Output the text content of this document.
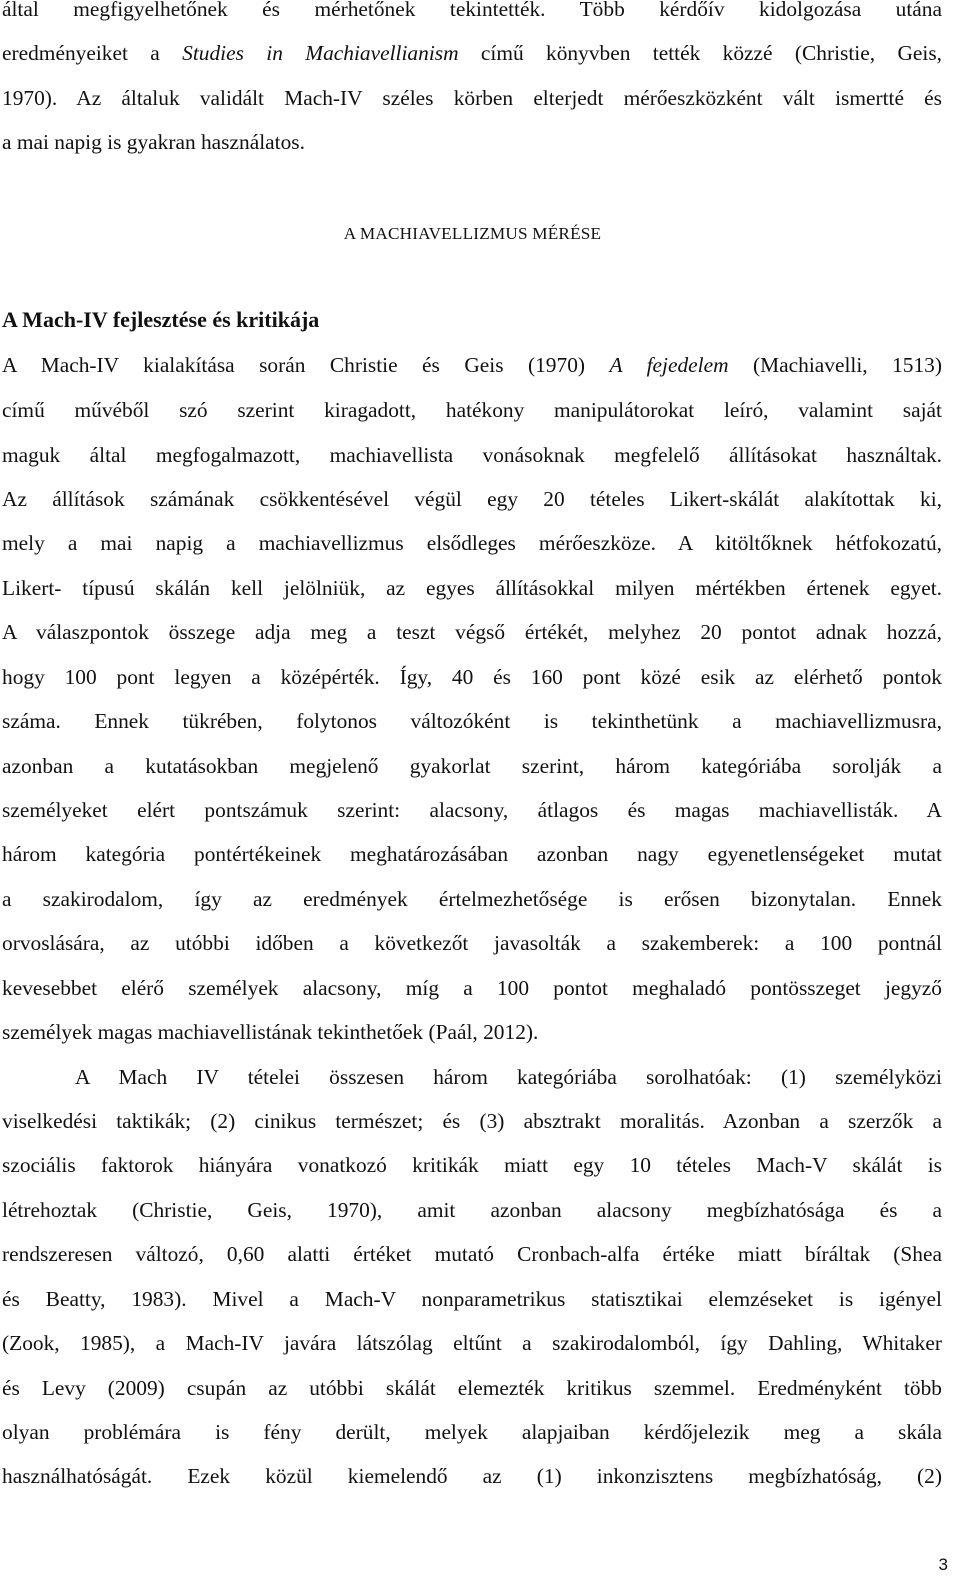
által megfigyelhetőnek és mérhetőnek tekintették. Több kérdőív kidolgozása utána
eredményeiket a Studies in Machiavellianism című könyvben tették közzé (Christie, Geis,
1970). Az általuk validált Mach-IV széles körben elterjedt mérőeszközként vált ismertté és
a mai napig is gyakran használatos.
A MACHIAVELLIZMUS MÉRÉSE
A Mach-IV fejlesztése és kritikája
A Mach-IV kialakítása során Christie és Geis (1970) A fejedelem (Machiavelli, 1513)
című művéből szó szerint kiragadott, hatékony manipulátorokat leíró, valamint saját
maguk által megfogalmazott, machiavellista vonásoknak megfelelő állításokat használtak.
Az állítások számának csökkentésével végül egy 20 tételes Likert-skálát alakítottak ki,
mely a mai napig a machiavellizmus elsődleges mérőeszköze. A kitöltőknek hétfokozatú,
Likert- típusú skálán kell jelölniük, az egyes állításokkal milyen mértékben értenek egyet.
A válaszpontok összege adja meg a teszt végső értékét, melyhez 20 pontot adnak hozzá,
hogy 100 pont legyen a középérték. Így, 40 és 160 pont közé esik az elérhető pontok
száma. Ennek tükrében, folytonos változóként is tekinthetünk a machiavellizmusra,
azonban a kutatásokban megjelenő gyakorlat szerint, három kategóriába sorolják a
személyeket elért pontszámuk szerint: alacsony, átlagos és magas machiavellisták. A
három kategória pontértékeinek meghatározásában azonban nagy egyenetlenségeket mutat
a szakirodalom, így az eredmények értelmezhetősége is erősen bizonytalan. Ennek
orvoslására, az utóbbi időben a következőt javasolták a szakemberek: a 100 pontnál
kevesebbet elérő személyek alacsony, míg a 100 pontot meghaladó pontösszeget jegyző
személyek magas machiavellistának tekinthetőek (Paál, 2012).
A Mach IV tételei összesen három kategóriába sorolhatóak: (1) személyközi
viselkedési taktikák; (2) cinikus természet; és (3) absztrakt moralitás. Azonban a szerzők a
szociális faktorok hiányára vonatkozó kritikák miatt egy 10 tételes Mach-V skálát is
létrehoztak (Christie, Geis, 1970), amit azonban alacsony megbízhatósága és a
rendszeresen változó, 0,60 alatti értéket mutató Cronbach-alfa értéke miatt bíráltak (Shea
és Beatty, 1983). Mivel a Mach-V nonparametrikus statisztikai elemzéseket is igényel
(Zook, 1985), a Mach-IV javára látszólag eltűnt a szakirodalomból, így Dahling, Whitaker
és Levy (2009) csupán az utóbbi skálát elemezték kritikus szemmel. Eredményként több
olyan problémára is fény derült, melyek alapjaiban kérdőjelezik meg a skála
használhatóságát. Ezek közül kiemelendő az (1) inkonzisztens megbízhatóság, (2)
3
